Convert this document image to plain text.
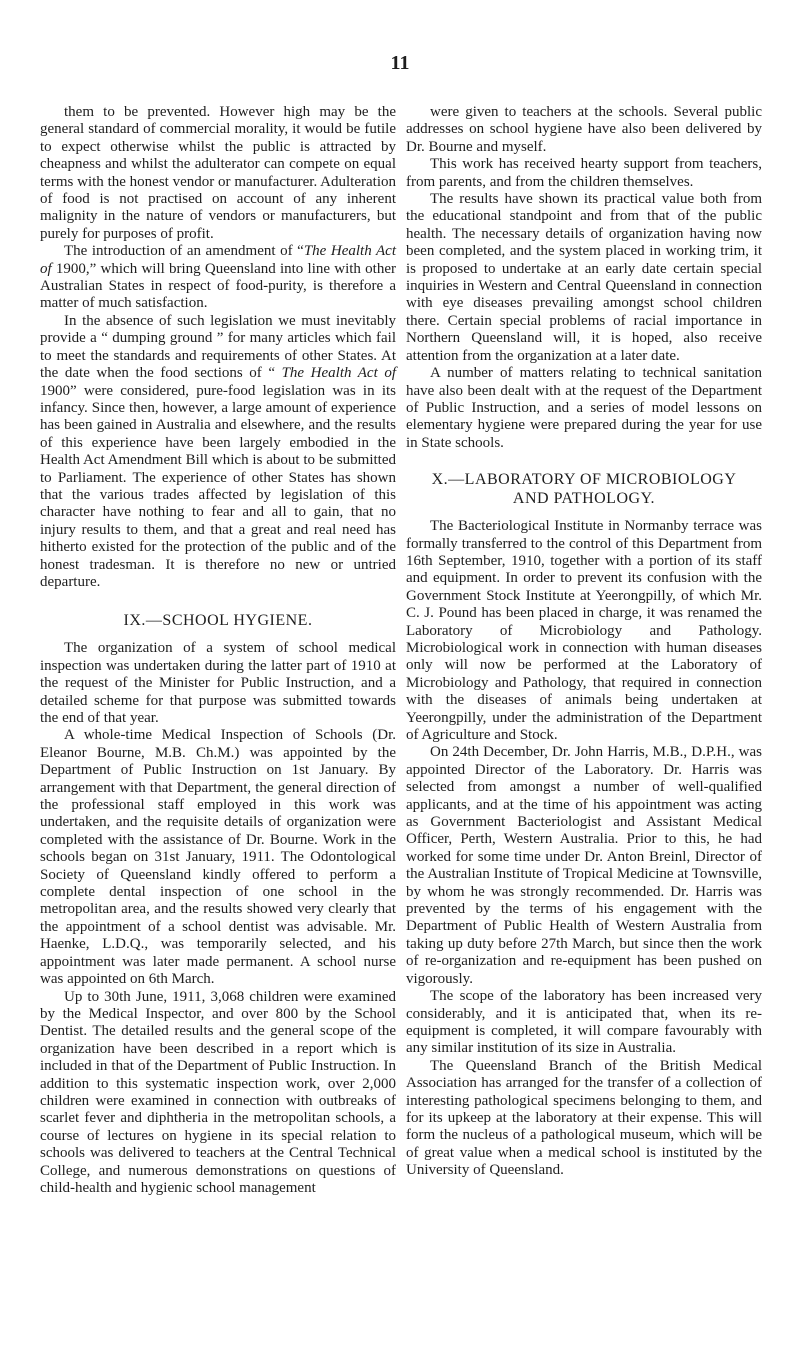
11

them to be prevented. However high may be the general standard of commercial morality, it would be futile to expect otherwise whilst the public is attracted by cheapness and whilst the adulterator can compete on equal terms with the honest vendor or manufacturer. Adulteration of food is not practised on account of any inherent malignity in the nature of vendors or manufacturers, but purely for purposes of profit.

The introduction of an amendment of “The Health Act of 1900,” which will bring Queensland into line with other Australian States in respect of food-purity, is therefore a matter of much satisfaction.

In the absence of such legislation we must inevitably provide a “ dumping ground ” for many articles which fail to meet the standards and requirements of other States. At the date when the food sections of “ The Health Act of 1900” were considered, pure-food legislation was in its infancy. Since then, however, a large amount of experience has been gained in Australia and elsewhere, and the results of this experience have been largely embodied in the Health Act Amendment Bill which is about to be submitted to Parliament. The experience of other States has shown that the various trades affected by legislation of this character have nothing to fear and all to gain, that no injury results to them, and that a great and real need has hitherto existed for the protection of the public and of the honest tradesman. It is therefore no new or untried departure.

IX.—SCHOOL HYGIENE.

The organization of a system of school medical inspection was undertaken during the latter part of 1910 at the request of the Minister for Public Instruction, and a detailed scheme for that purpose was submitted towards the end of that year.

A whole-time Medical Inspection of Schools (Dr. Eleanor Bourne, M.B. Ch.M.) was appointed by the Department of Public Instruction on 1st January. By arrangement with that Department, the general direction of the professional staff employed in this work was undertaken, and the requisite details of organization were completed with the assistance of Dr. Bourne. Work in the schools began on 31st January, 1911. The Odontological Society of Queensland kindly offered to perform a complete dental inspection of one school in the metropolitan area, and the results showed very clearly that the appointment of a school dentist was advisable. Mr. Haenke, L.D.Q., was temporarily selected, and his appointment was later made permanent. A school nurse was appointed on 6th March.

Up to 30th June, 1911, 3,068 children were examined by the Medical Inspector, and over 800 by the School Dentist. The detailed results and the general scope of the organization have been described in a report which is included in that of the Department of Public Instruction. In addition to this systematic inspection work, over 2,000 children were examined in connection with outbreaks of scarlet fever and diphtheria in the metropolitan schools, a course of lectures on hygiene in its special relation to schools was delivered to teachers at the Central Technical College, and numerous demonstrations on questions of child-health and hygienic school management

were given to teachers at the schools. Several public addresses on school hygiene have also been delivered by Dr. Bourne and myself.

This work has received hearty support from teachers, from parents, and from the children themselves.

The results have shown its practical value both from the educational standpoint and from that of the public health. The necessary details of organization having now been completed, and the system placed in working trim, it is proposed to undertake at an early date certain special inquiries in Western and Central Queensland in connection with eye diseases prevailing amongst school children there. Certain special problems of racial importance in Northern Queensland will, it is hoped, also receive attention from the organization at a later date.

A number of matters relating to technical sanitation have also been dealt with at the request of the Department of Public Instruction, and a series of model lessons on elementary hygiene were prepared during the year for use in State schools.

X.—LABORATORY OF MICROBIOLOGY
AND PATHOLOGY.

The Bacteriological Institute in Normanby terrace was formally transferred to the control of this Department from 16th September, 1910, together with a portion of its staff and equipment. In order to prevent its confusion with the Government Stock Institute at Yeerongpilly, of which Mr. C. J. Pound has been placed in charge, it was renamed the Laboratory of Microbiology and Pathology. Microbiological work in connection with human diseases only will now be performed at the Laboratory of Microbiology and Pathology, that required in connection with the diseases of animals being undertaken at Yeerongpilly, under the administration of the Department of Agriculture and Stock.

On 24th December, Dr. John Harris, M.B., D.P.H., was appointed Director of the Laboratory. Dr. Harris was selected from amongst a number of well-qualified applicants, and at the time of his appointment was acting as Government Bacteriologist and Assistant Medical Officer, Perth, Western Australia. Prior to this, he had worked for some time under Dr. Anton Breinl, Director of the Australian Institute of Tropical Medicine at Townsville, by whom he was strongly recommended. Dr. Harris was prevented by the terms of his engagement with the Department of Public Health of Western Australia from taking up duty before 27th March, but since then the work of re-organization and re-equipment has been pushed on vigorously.

The scope of the laboratory has been increased very considerably, and it is anticipated that, when its re-equipment is completed, it will compare favourably with any similar institution of its size in Australia.

The Queensland Branch of the British Medical Association has arranged for the transfer of a collection of interesting pathological specimens belonging to them, and for its upkeep at the laboratory at their expense. This will form the nucleus of a pathological museum, which will be of great value when a medical school is instituted by the University of Queensland.
